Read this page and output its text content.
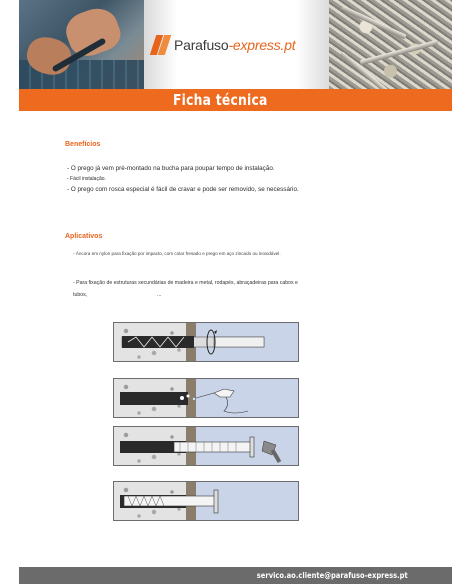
Parafuso-express.pt
Ficha técnica
Benefícios
- O prego já vem pré-montado na bucha para poupar tempo de instalação.
- Fácil instalação.
- O prego com rosca especial é fácil de cravar e pode ser removido, se necessário.
Aplicativos
- Âncora em nylon para fixação por impacto, com colar fresado e prego em aço zincado ou inoxidável.
- Para fixação de estruturas secundárias de madeira e metal, rodapés, abraçadeiras para cabos e
tubos,	...
servico.ao.cliente@parafuso-express.pt
